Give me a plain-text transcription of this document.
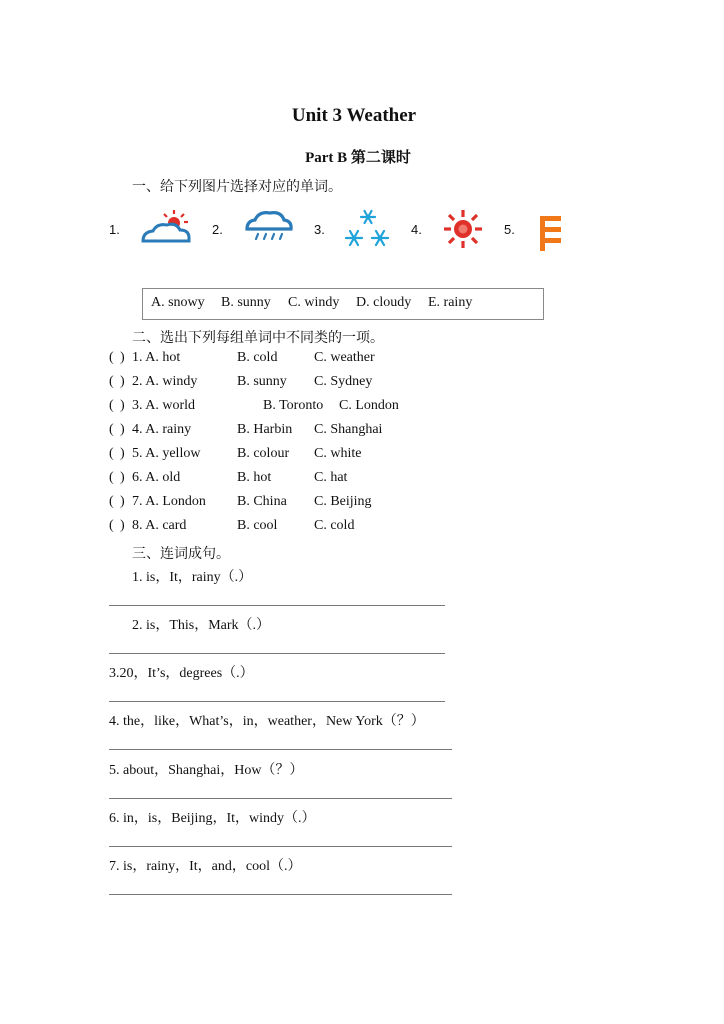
Unit 3 Weather
Part B 第二课时
一、给下列图片选择对应的单词。
1.	2.	3.	4.	5.
A. snowy B. sunny C. windy D. cloudy E. rainy
二、选出下列每组单词中不同类的一项。
( 1. A. hot	B. cold	C. weather
( 2. A. windy	B. sunny C. Sydney
( 3. A. world	B. Toronto C. London
( 4. A. rainy	B. Harbin C. Shanghai
( 5. A. yellow	B. colour C. white
( 6. A. old	B. hot	C. hat
( 7. A. London B. China C. Beijing
( 8. A. card	B. cool	C. cold
三、连词成句。
1. is，It，rainy（.）
2. is，This，Mark（.）
3.20，It’s，degrees（.）
4. the，like，What’s，in，weather，New York（？）
5. about，Shanghai，How（？）
6. in，is，Beijing，It，windy（.）
7. is，rainy，It，and，cool（.）
)
)
)
)
)
)
)
)
